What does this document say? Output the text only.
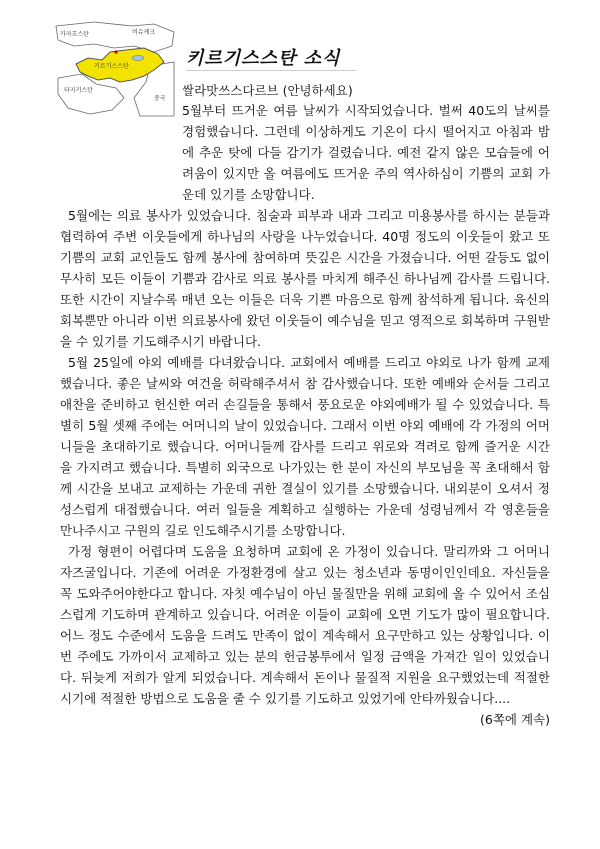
카자흐스탄	비슈케크
키르기스스탄
타지키스탄
중국
키르기스스탄 소식
쌀라맛쓰스다르브 (안녕하세요)

5월부터 뜨거운 여름 날씨가 시작되었습니다. 벌써 40도의 날씨를 경험했습니다. 그런데 이상하게도 기온이 다시 떨어지고 아침과 밤에 추운 탓에 다들 감기가 걸렸습니다. 예전 같지 않은 모습들에 어려움이 있지만 올 여름에도 뜨거운 주의 역사하심이 기쁨의 교회 가운데 있기를 소망합니다.

5월에는 의료 봉사가 있었습니다. 침술과 피부과 내과 그리고 미용봉사를 하시는 분들과 협력하여 주변 이웃들에게 하나님의 사랑을 나누었습니다. 40명 정도의 이웃들이 왔고 또 기쁨의 교회 교인들도 함께 봉사에 참여하며 뜻깊은 시간을 가졌습니다. 어떤 갈등도 없이 무사히 모든 이들이 기쁨과 감사로 의료 봉사를 마치게 해주신 하나님께 감사를 드립니다. 또한 시간이 지날수록 매년 오는 이들은 더욱 기쁜 마음으로 함께 참석하게 됩니다. 육신의 회복뿐만 아니라 이번 의료봉사에 왔던 이웃들이 예수님을 믿고 영적으로 회복하며 구원받을 수 있기를 기도해주시기 바랍니다.

5월 25일에 야외 예배를 다녀왔습니다. 교회에서 예배를 드리고 야외로 나가 함께 교제했습니다. 좋은 날씨와 여건을 허락해주셔서 참 감사했습니다. 또한 예배와 순서들 그리고 애찬을 준비하고 헌신한 여러 손길들을 통해서 풍요로운 야외예배가 될 수 있었습니다. 특별히 5월 셋째 주에는 어머니의 날이 있었습니다. 그래서 이번 야외 예배에 각 가정의 어머니들을 초대하기로 했습니다. 어머니들께 감사를 드리고 위로와 격려로 함께 즐거운 시간을 가지려고 했습니다. 특별히 외국으로 나가있는 한 분이 자신의 부모님을 꼭 초대해서 함께 시간을 보내고 교제하는 가운데 귀한 결실이 있기를 소망했습니다. 내외분이 오셔서 정성스럽게 대접했습니다. 여러 일들을 계획하고 실행하는 가운데 성령님께서 각 영혼들을 만나주시고 구원의 길로 인도해주시기를 소망합니다.

가정 형편이 어렵다며 도움을 요청하며 교회에 온 가정이 있습니다. 말리까와 그 어머니 자즈굴입니다. 기존에 어려운 가정환경에 살고 있는 청소년과 동명이인인데요. 자신들을 꼭 도와주어야한다고 합니다. 자칫 예수님이 아닌 물질만을 위해 교회에 올 수 있어서 조심스럽게 기도하며 관계하고 있습니다. 어려운 이들이 교회에 오면 기도가 많이 필요합니다. 어느 정도 수준에서 도움을 드려도 만족이 없이 계속해서 요구만하고 있는 상황입니다. 이번 주에도 가까이서 교제하고 있는 분의 헌금봉투에서 일정 금액을 가져간 일이 있었습니다. 뒤늦게 저희가 알게 되었습니다. 계속해서 돈이나 물질적 지원을 요구했었는데 적절한 시기에 적절한 방법으로 도움을 줄 수 있기를 기도하고 있었기에 안타까웠습니다....
(6쪽에 계속)
